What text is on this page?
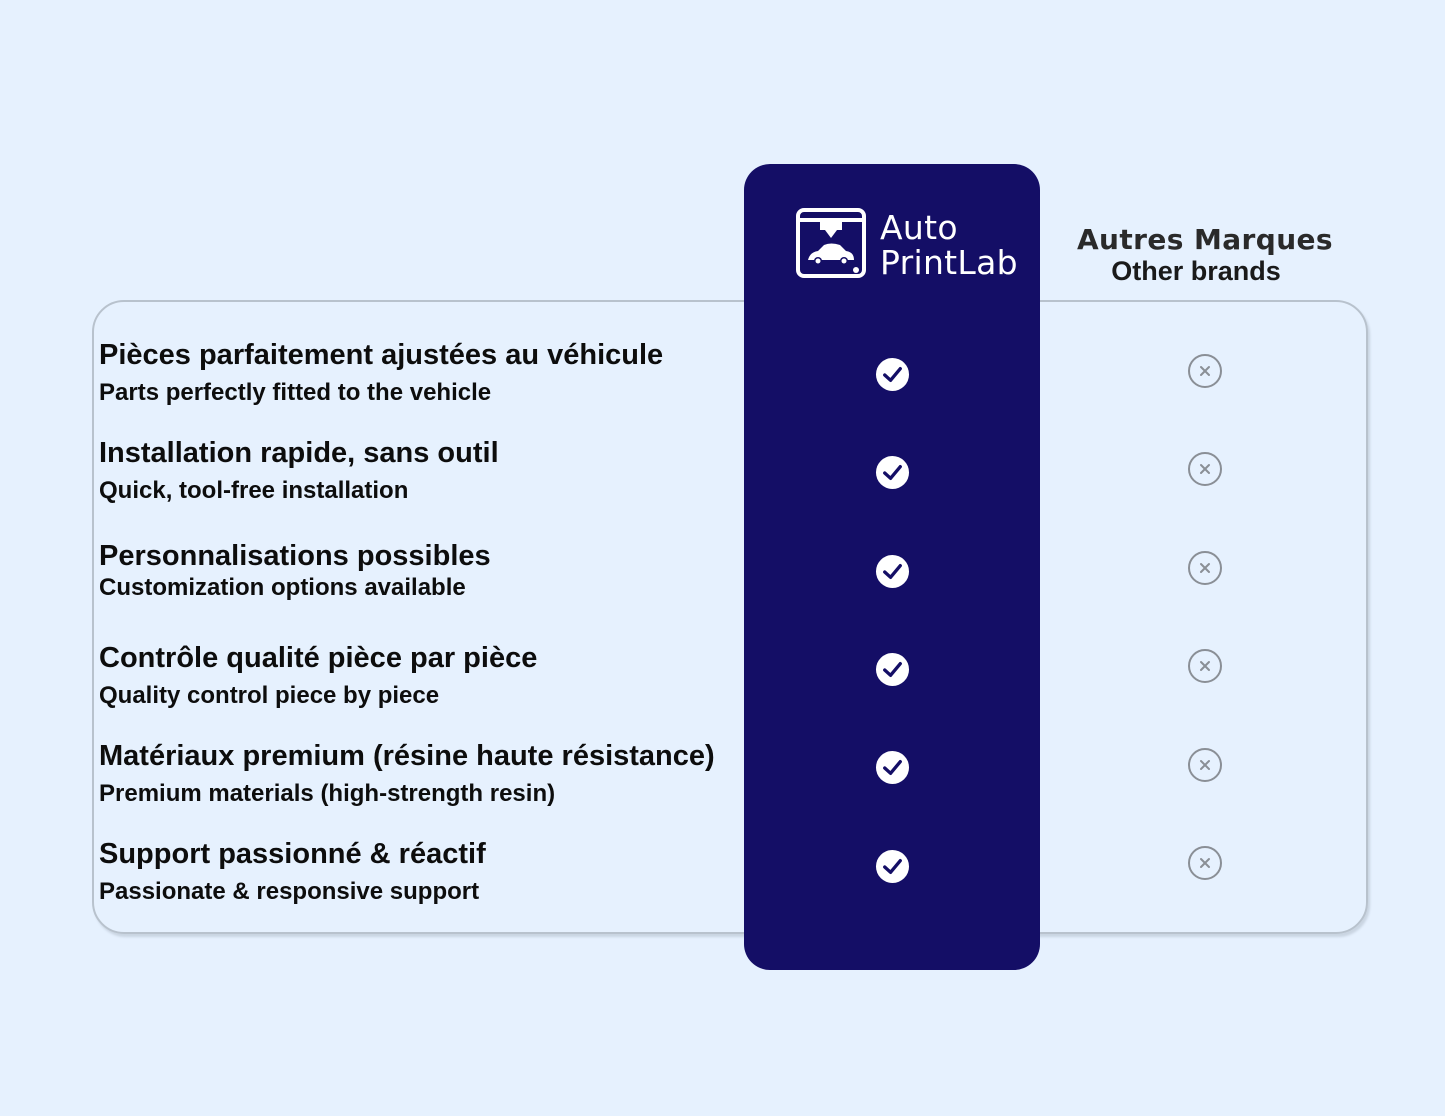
Auto
PrintLab
Autres Marques
Other brands
Pièces parfaitement ajustées au véhicule
Parts perfectly fitted to the vehicle
Installation rapide, sans outil
Quick, tool-free installation
Personnalisations possibles
Customization options available
Contrôle qualité pièce par pièce
Quality control piece by piece
Matériaux premium (résine haute résistance)
Premium materials (high-strength resin)
Support passionné & réactif
Passionate & responsive support
